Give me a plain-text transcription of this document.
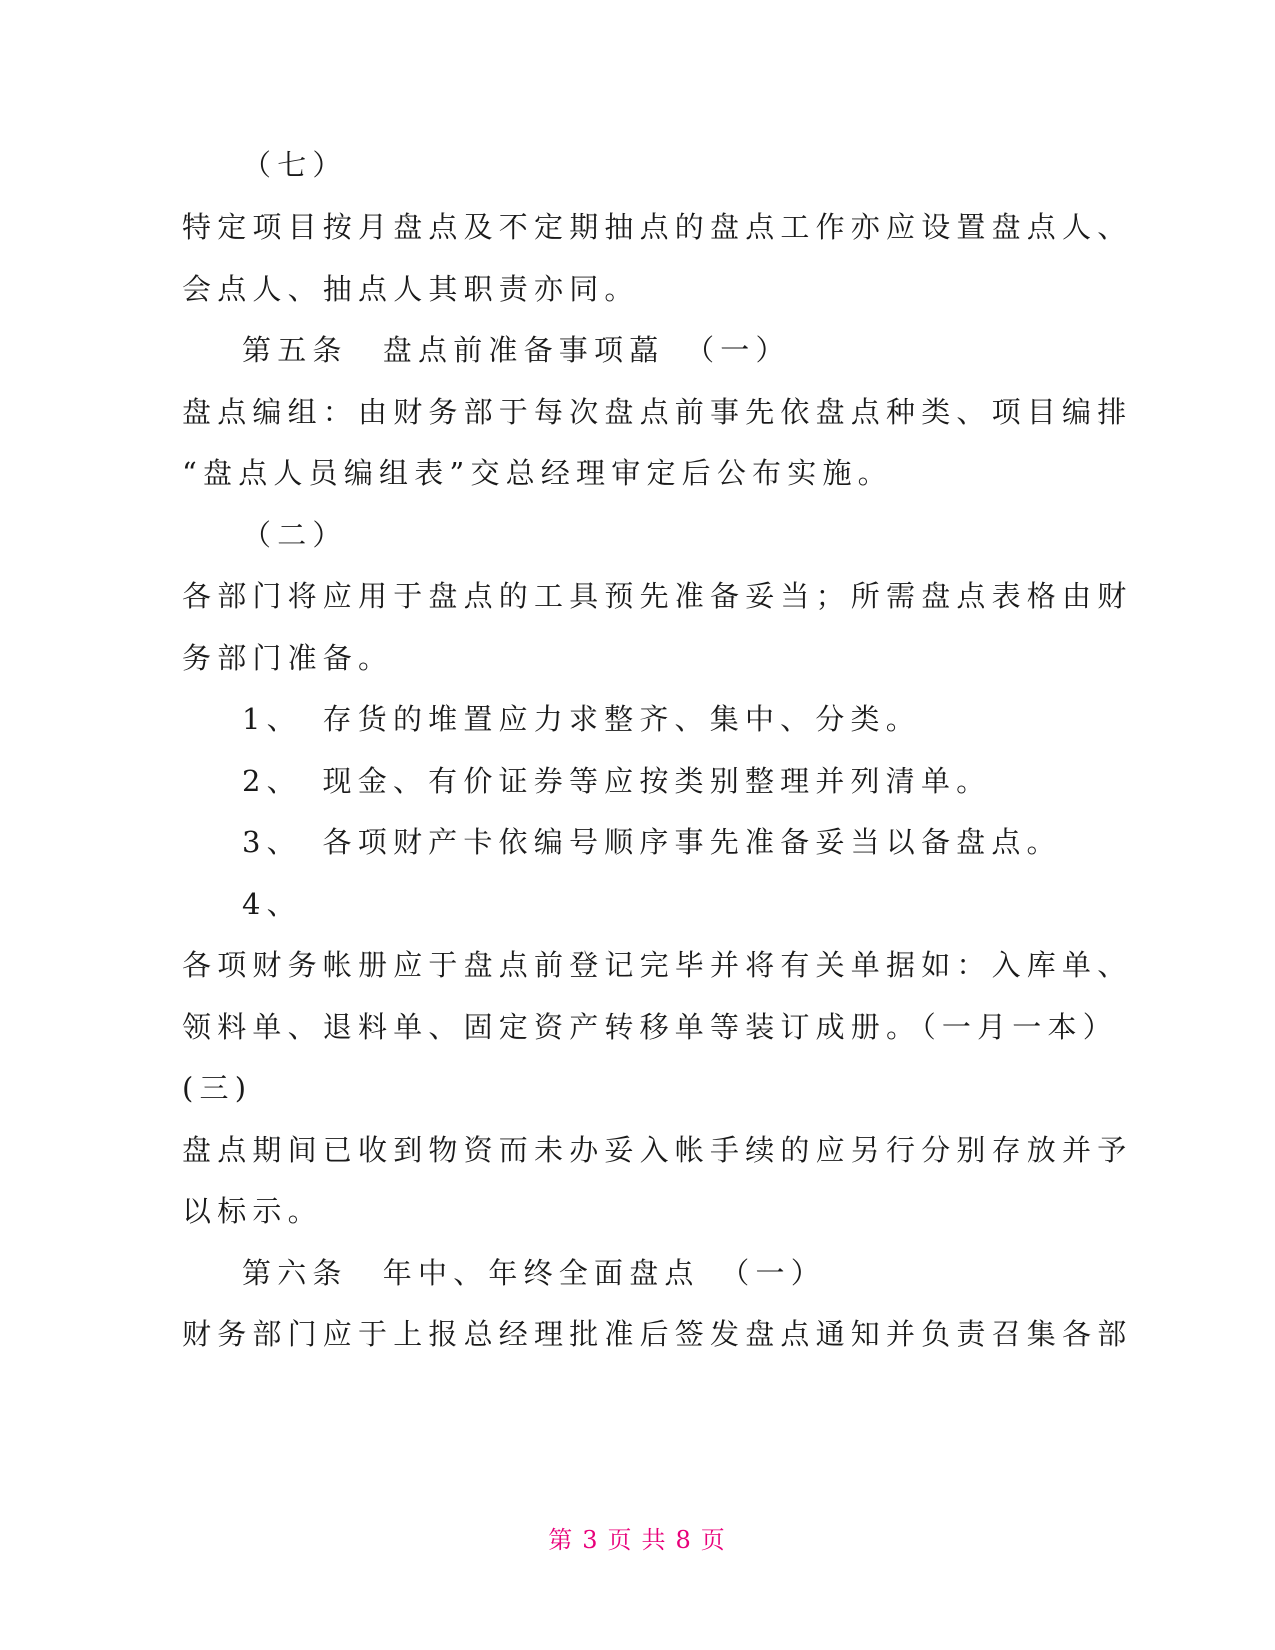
（七）
特定项目按月盘点及不定期抽点的盘点工作亦应设置盘点人、
会点人、抽点人其职责亦同。
第五条　盘点前准备事项藠　（一）
盘点编组：由财务部于每次盘点前事先依盘点种类、项目编排
“盘点人员编组表”交总经理审定后公布实施。
（二）
各部门将应用于盘点的工具预先准备妥当；所需盘点表格由财
务部门准备。
1、　存货的堆置应力求整齐、集中、分类。
2、　现金、有价证券等应按类别整理并列清单。
3、　各项财产卡依编号顺序事先准备妥当以备盘点。
4、
各项财务帐册应于盘点前登记完毕并将有关单据如：入库单、
领料单、退料单、固定资产转移单等装订成册。（一月一本）
(三)
盘点期间已收到物资而未办妥入帐手续的应另行分别存放并予
以标示。
第六条　年中、年终全面盘点　（一）
财务部门应于上报总经理批准后签发盘点通知并负责召集各部
第 3 页 共 8 页
